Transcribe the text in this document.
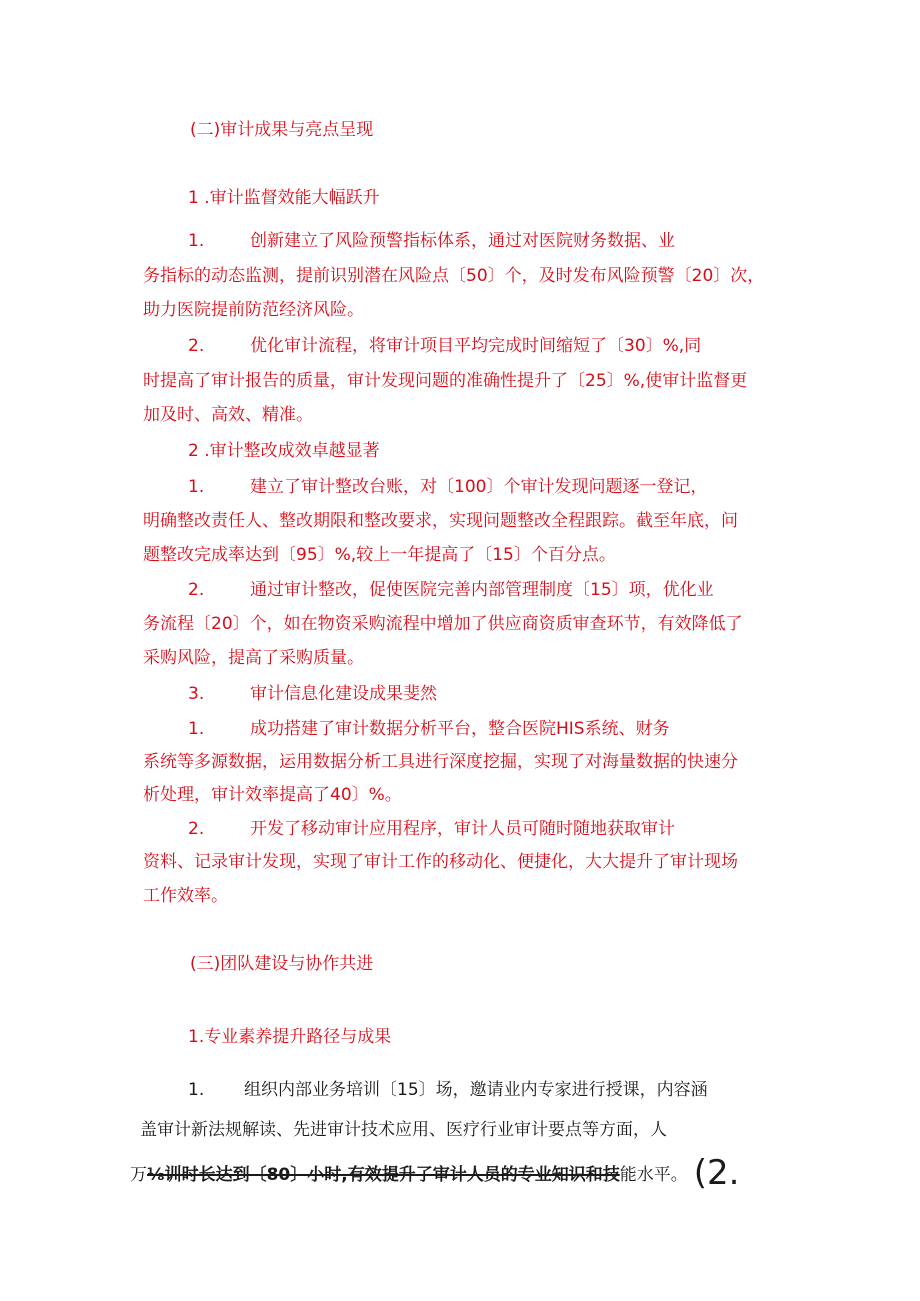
(二)审计成果与亮点呈现
1 .审计监督效能大幅跃升
1.	创新建立了风险预警指标体系，通过对医院财务数据、业
务指标的动态监测，提前识别潜在风险点〔50〕个，及时发布风险预警〔20〕次，
助力医院提前防范经济风险。
2.	优化审计流程，将审计项目平均完成时间缩短了〔30〕%,同
时提高了审计报告的质量，审计发现问题的准确性提升了〔25〕%,使审计监督更
加及时、高效、精准。
2 .审计整改成效卓越显著
1.	建立了审计整改台账，对〔100〕个审计发现问题逐一登记，
明确整改责任人、整改期限和整改要求，实现问题整改全程跟踪。截至年底，问
题整改完成率达到〔95〕%,较上一年提高了〔15〕个百分点。
2.	通过审计整改，促使医院完善内部管理制度〔15〕项，优化业
务流程〔20〕个，如在物资采购流程中增加了供应商资质审查环节，有效降低了
采购风险，提高了采购质量。
3.	审计信息化建设成果斐然
1.	成功搭建了审计数据分析平台，整合医院HIS系统、财务
系统等多源数据，运用数据分析工具进行深度挖掘，实现了对海量数据的快速分
析处理，审计效率提高了40〕%。
2.	开发了移动审计应用程序，审计人员可随时随地获取审计
资料、记录审计发现，实现了审计工作的移动化、便捷化，大大提升了审计现场
工作效率。
(三)团队建设与协作共进
1.专业素养提升路径与成果
1. 组织内部业务培训〔15〕场，邀请业内专家进行授课，内容涵
盖审计新法规解读、先进审计技术应用、医疗行业审计要点等方面，人
万⅛训时长达到〔80〕小时,有效提升了审计人员的专业知识和技能水平。 (2.
